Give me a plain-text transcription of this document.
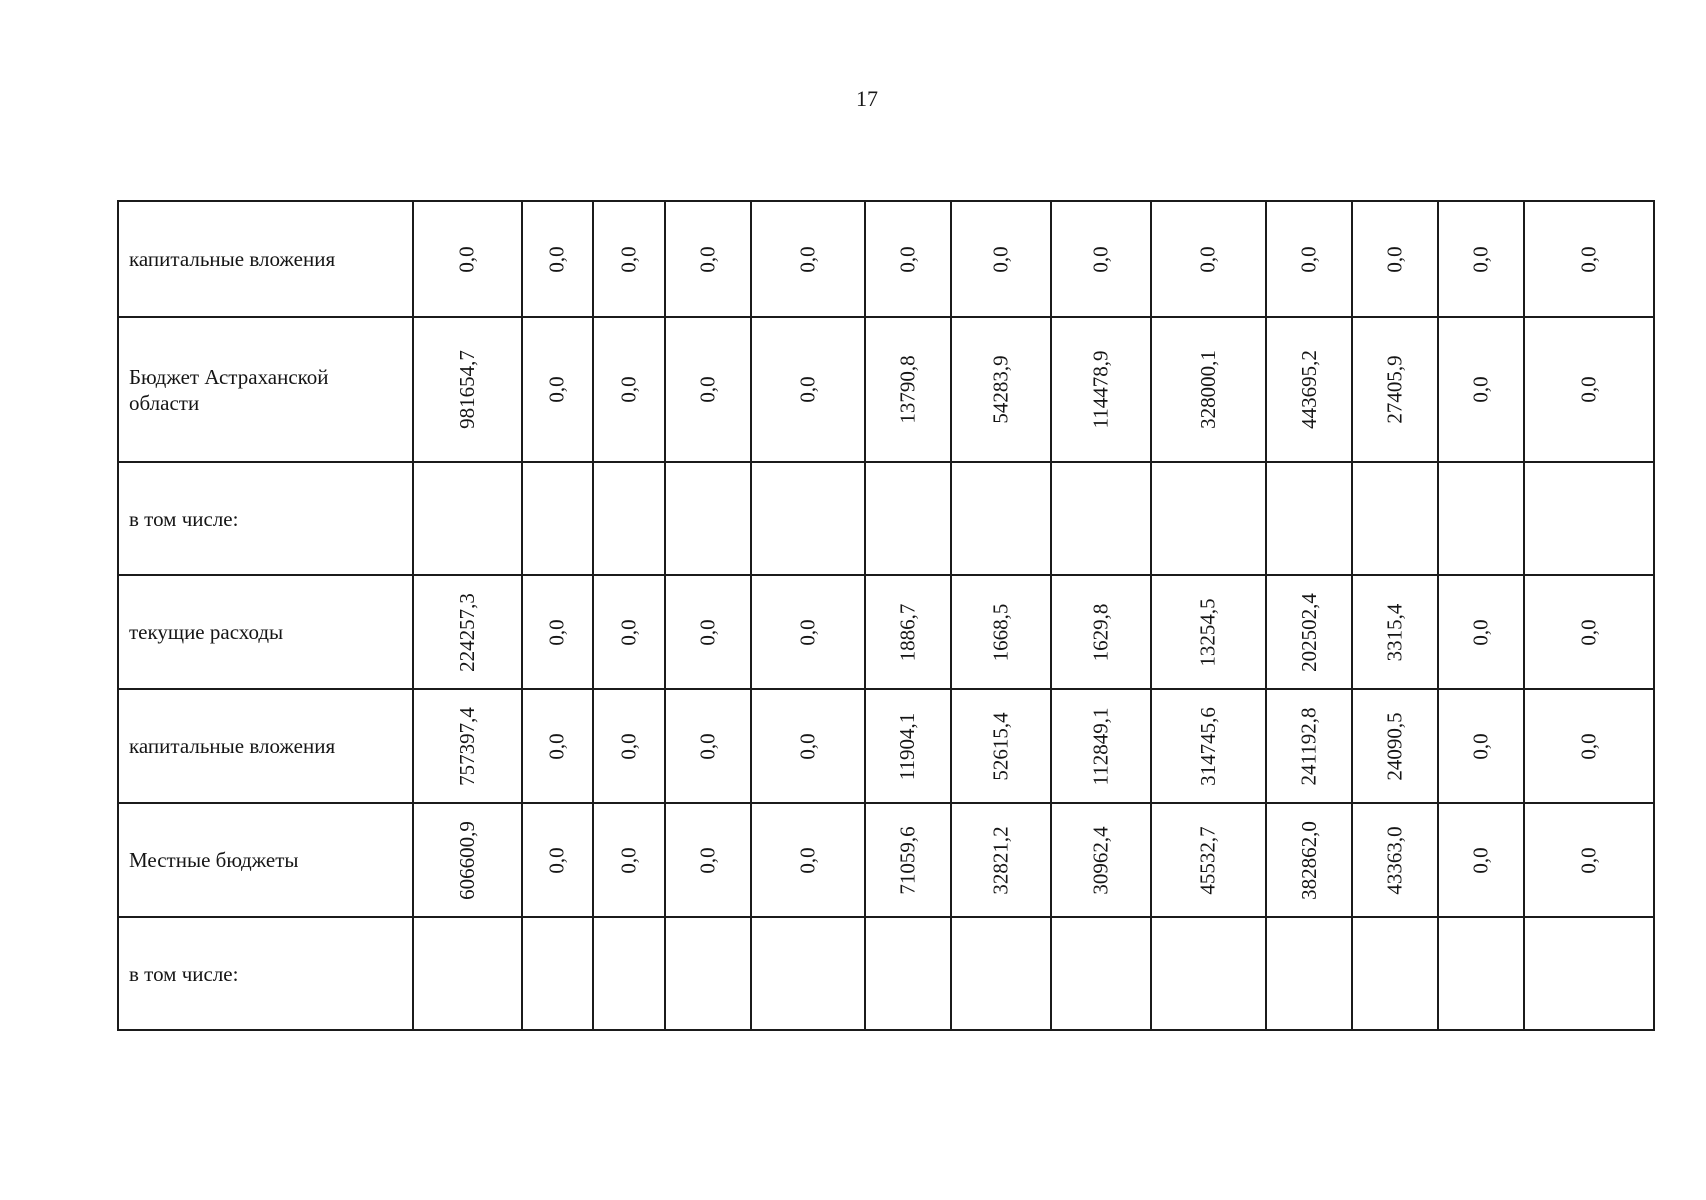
17
капитальные вложения	0,0	0,0	0,0	0,0	0,0	0,0	0,0	0,0	0,0	0,0	0,0	0,0	0,0
Бюджет Астраханской области	981654,7	0,0	0,0	0,0	0,0	13790,8	54283,9	114478,9	328000,1	443695,2	27405,9	0,0	0,0
в том числе:													
текущие расходы	224257,3	0,0	0,0	0,0	0,0	1886,7	1668,5	1629,8	13254,5	202502,4	3315,4	0,0	0,0
капитальные вложения	757397,4	0,0	0,0	0,0	0,0	11904,1	52615,4	112849,1	314745,6	241192,8	24090,5	0,0	0,0
Местные бюджеты	606600,9	0,0	0,0	0,0	0,0	71059,6	32821,2	30962,4	45532,7	382862,0	43363,0	0,0	0,0
в том числе:													
